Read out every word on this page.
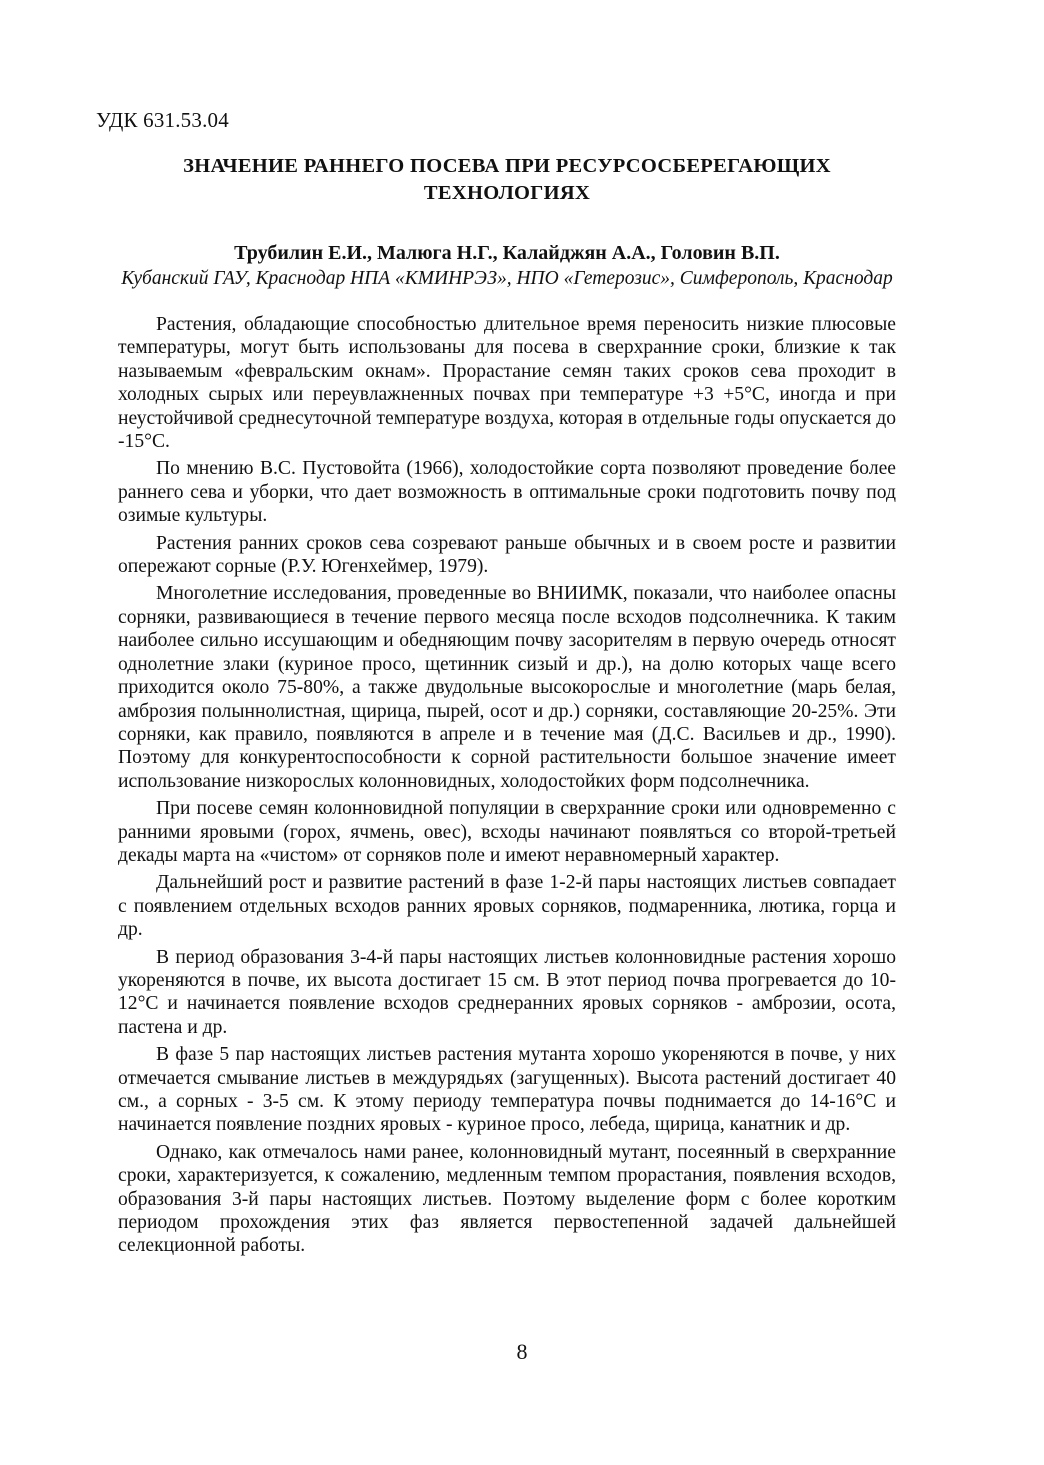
УДК 631.53.04
ЗНАЧЕНИЕ РАННЕГО ПОСЕВА ПРИ РЕСУРСОСБЕРЕГАЮЩИХ
ТЕХНОЛОГИЯХ

Трубилин Е.И., Малюга Н.Г., Калайджян А.А., Головин В.П.

Кубанский ГАУ, Краснодар НПА «КМИНРЭЗ», НПО «Гетерозис», Симферополь, Краснодар

Растения, обладающие способностью длительное время переносить низкие плюсовые температуры, могут быть использованы для посева в сверхранние сроки, близкие к так называемым «февральским окнам». Прорастание семян таких сроков сева проходит в холодных сырых или переувлажненных почвах при температуре +3 +5°С, иногда и при неустойчивой среднесуточной температуре воздуха, которая в отдельные годы опускается до -15°С.

По мнению В.С. Пустовойта (1966), холодостойкие сорта позволяют проведение более раннего сева и уборки, что дает возможность в оптимальные сроки подготовить почву под озимые культуры.

Растения ранних сроков сева созревают раньше обычных и в своем росте и развитии опережают сорные (Р.У. Югенхеймер, 1979).

Многолетние исследования, проведенные во ВНИИМК, показали, что наиболее опасны сорняки, развивающиеся в течение первого месяца после всходов подсолнечника. К таким наиболее сильно иссушающим и обедняющим почву засорителям в первую очередь относят однолетние злаки (куриное просо, щетинник сизый и др.), на долю которых чаще всего приходится около 75-80%, а также двудольные высокорослые и многолетние (марь белая, амброзия полыннолистная, щирица, пырей, осот и др.) сорняки, составляющие 20-25%. Эти сорняки, как правило, появляются в апреле и в течение мая (Д.С. Васильев и др., 1990). Поэтому для конкурентоспособности к сорной растительности большое значение имеет использование низкорослых колонновидных, холодостойких форм подсолнечника.

При посеве семян колонновидной популяции в сверхранние сроки или одновременно с ранними яровыми (горох, ячмень, овес), всходы начинают появляться со второй-третьей декады марта на «чистом» от сорняков поле и имеют неравномерный характер.

Дальнейший рост и развитие растений в фазе 1-2-й пары настоящих листьев совпадает с появлением отдельных всходов ранних яровых сорняков, подмаренника, лютика, горца и др.

В период образования 3-4-й пары настоящих листьев колонновидные растения хорошо укореняются в почве, их высота достигает 15 см. В этот период почва прогревается до 10-12°С и начинается появление всходов среднеранних яровых сорняков - амброзии, осота, пастена и др.

В фазе 5 пар настоящих листьев растения мутанта хорошо укореняются в почве, у них отмечается смывание листьев в междурядьях (загущенных). Высота растений достигает 40 см., а сорных - 3-5 см. К этому периоду температура почвы поднимается до 14-16°С и начинается появление поздних яровых - куриное просо, лебеда, щирица, канатник и др.

Однако, как отмечалось нами ранее, колонновидный мутант, посеянный в сверхранние сроки, характеризуется, к сожалению, медленным темпом прорастания, появления всходов, образования 3-й пары настоящих листьев. Поэтому выделение форм с более коротким периодом прохождения этих фаз является первостепенной задачей дальнейшей селекционной работы.

8
